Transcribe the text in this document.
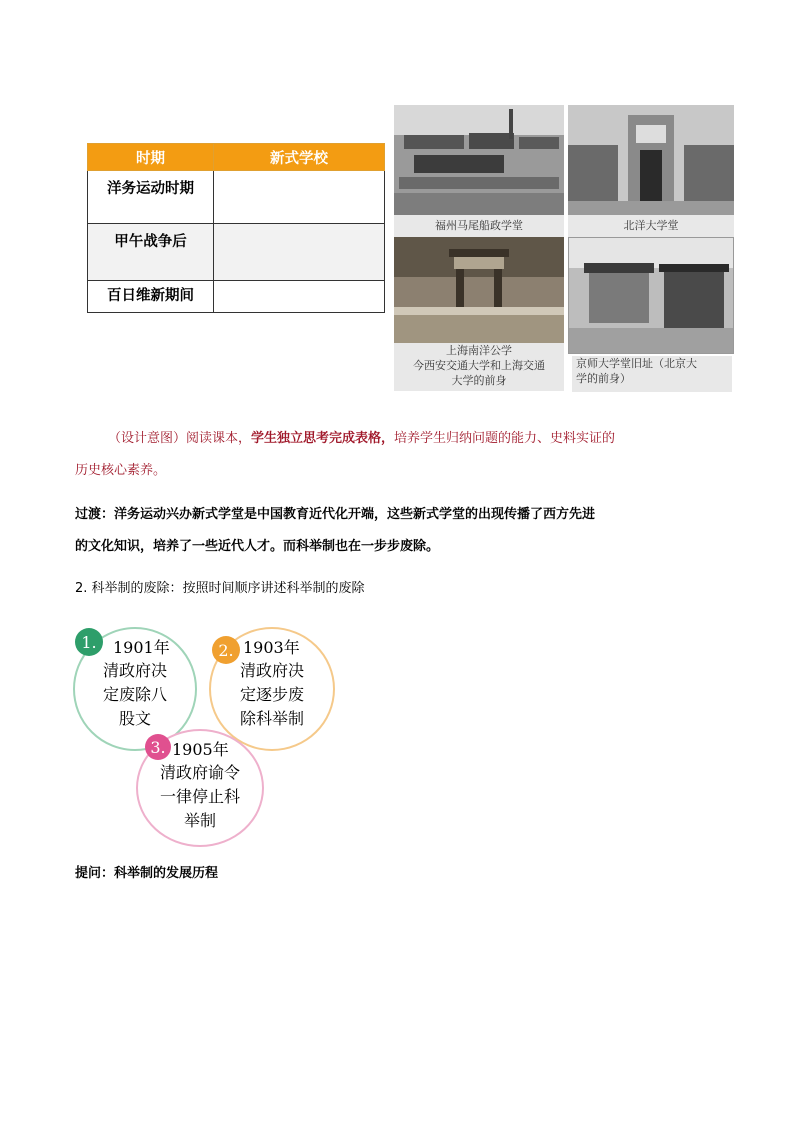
时期	新式学校
洋务运动时期	
甲午战争后	
百日维新期间	
福州马尾船政学堂	北洋大学堂
上海南洋公学
今西安交通大学和上海交通
大学的前身
京师大学堂旧址（北京大
学的前身）
（设计意图）阅读课本，学生独立思考完成表格，培养学生归纳问题的能力、史料实证的
历史核心素养。
过渡：洋务运动兴办新式学堂是中国教育近代化开端，这些新式学堂的出现传播了西方先进
的文化知识，培养了一些近代人才。而科举制也在一步步废除。
2. 科举制的废除：按照时间顺序讲述科举制的废除
1901年
清政府决
定废除八
股文
1.	1903年
清政府决
定逐步废
除科举制
2.
1905年
清政府谕令
一律停止科
举制
3.
提问：科举制的发展历程
